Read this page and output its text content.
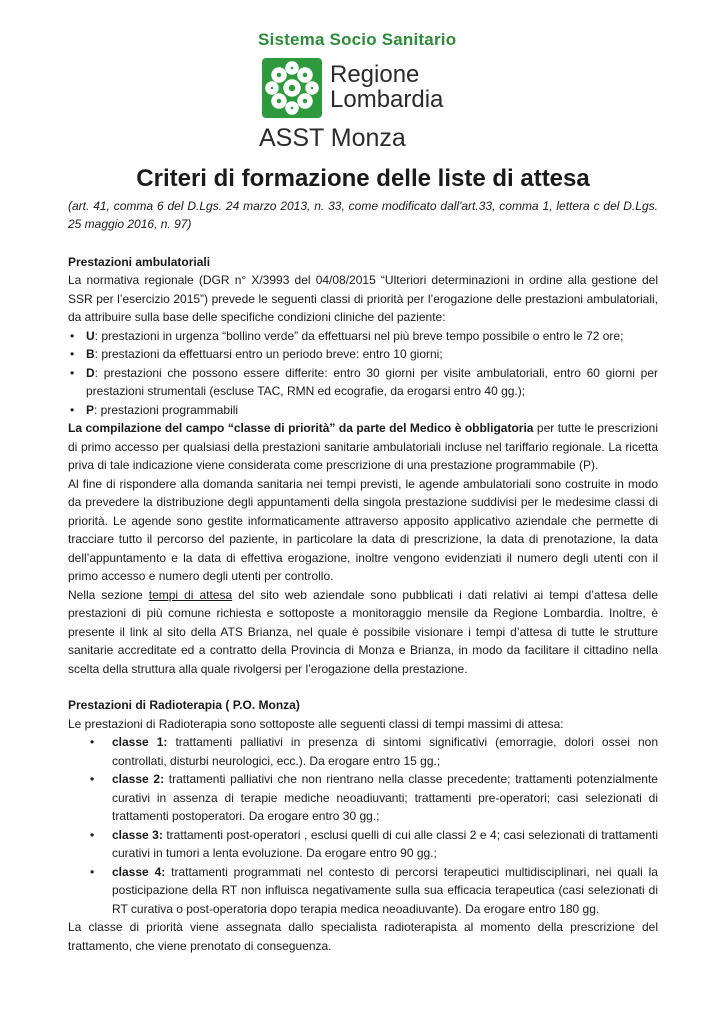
Sistema Socio Sanitario
Regione
Lombardia
ASST Monza
Criteri di formazione delle liste di attesa

(art. 41, comma 6 del D.Lgs. 24 marzo 2013, n. 33, come modificato dall'art.33, comma 1, lettera c del D.Lgs. 25 maggio 2016, n. 97)

Prestazioni ambulatoriali

La normativa regionale (DGR n° X/3993 del 04/08/2015 “Ulteriori determinazioni in ordine alla gestione del SSR per l’esercizio 2015”) prevede le seguenti classi di priorità per l’erogazione delle prestazioni ambulatoriali, da attribuire sulla base delle specifiche condizioni cliniche del paziente:

• U: prestazioni in urgenza “bollino verde” da effettuarsi nel più breve tempo possibile o entro le 72 ore;
• B: prestazioni da effettuarsi entro un periodo breve: entro 10 giorni;
• D: prestazioni che possono essere differite: entro 30 giorni per visite ambulatoriali, entro 60 giorni per prestazioni strumentali (escluse TAC, RMN ed ecografie, da erogarsi entro 40 gg.);
• P: prestazioni programmabili

La compilazione del campo “classe di priorità” da parte del Medico è obbligatoria per tutte le prescrizioni di primo accesso per qualsiasi della prestazioni sanitarie ambulatoriali incluse nel tariffario regionale. La ricetta priva di tale indicazione viene considerata come prescrizione di una prestazione programmabile (P).

Al fine di rispondere alla domanda sanitaria nei tempi previsti, le agende ambulatoriali sono costruite in modo da prevedere la distribuzione degli appuntamenti della singola prestazione suddivisi per le medesime classi di priorità. Le agende sono gestite informaticamente attraverso apposito applicativo aziendale che permette di tracciare tutto il percorso del paziente, in particolare la data di prescrizione, la data di prenotazione, la data dell’appuntamento e la data di effettiva erogazione, inoltre vengono evidenziati il numero degli utenti con il primo accesso e numero degli utenti per controllo.

Nella sezione tempi di attesa del sito web aziendale sono pubblicati i dati relativi ai tempi d’attesa delle prestazioni di più comune richiesta e sottoposte a monitoraggio mensile da Regione Lombardia. Inoltre, è presente il link al sito della ATS Brianza, nel quale è possibile visionare i tempi d’attesa di tutte le strutture sanitarie accreditate ed a contratto della Provincia di Monza e Brianza, in modo da facilitare il cittadino nella scelta della struttura alla quale rivolgersi per l’erogazione della prestazione.

Prestazioni di Radioterapia ( P.O. Monza)

Le prestazioni di Radioterapia sono sottoposte alle seguenti classi di tempi massimi di attesa:

• classe 1: trattamenti palliativi in presenza di sintomi significativi (emorragie, dolori ossei non controllati, disturbi neurologici, ecc.). Da erogare entro 15 gg.;
• classe 2: trattamenti palliativi che non rientrano nella classe precedente; trattamenti potenzialmente curativi in assenza di terapie mediche neoadiuvanti; trattamenti pre-operatori; casi selezionati di trattamenti postoperatori. Da erogare entro 30 gg.;
• classe 3: trattamenti post-operatori , esclusi quelli di cui alle classi 2 e 4; casi selezionati di trattamenti curativi in tumori a lenta evoluzione. Da erogare entro 90 gg.;
• classe 4: trattamenti programmati nel contesto di percorsi terapeutici multidisciplinari, nei quali la posticipazione della RT non influisca negativamente sulla sua efficacia terapeutica (casi selezionati di RT curativa o post-operatoria dopo terapia medica neoadiuvante). Da erogare entro 180 gg.

La classe di priorità viene assegnata dallo specialista radioterapista al momento della prescrizione del trattamento, che viene prenotato di conseguenza.
